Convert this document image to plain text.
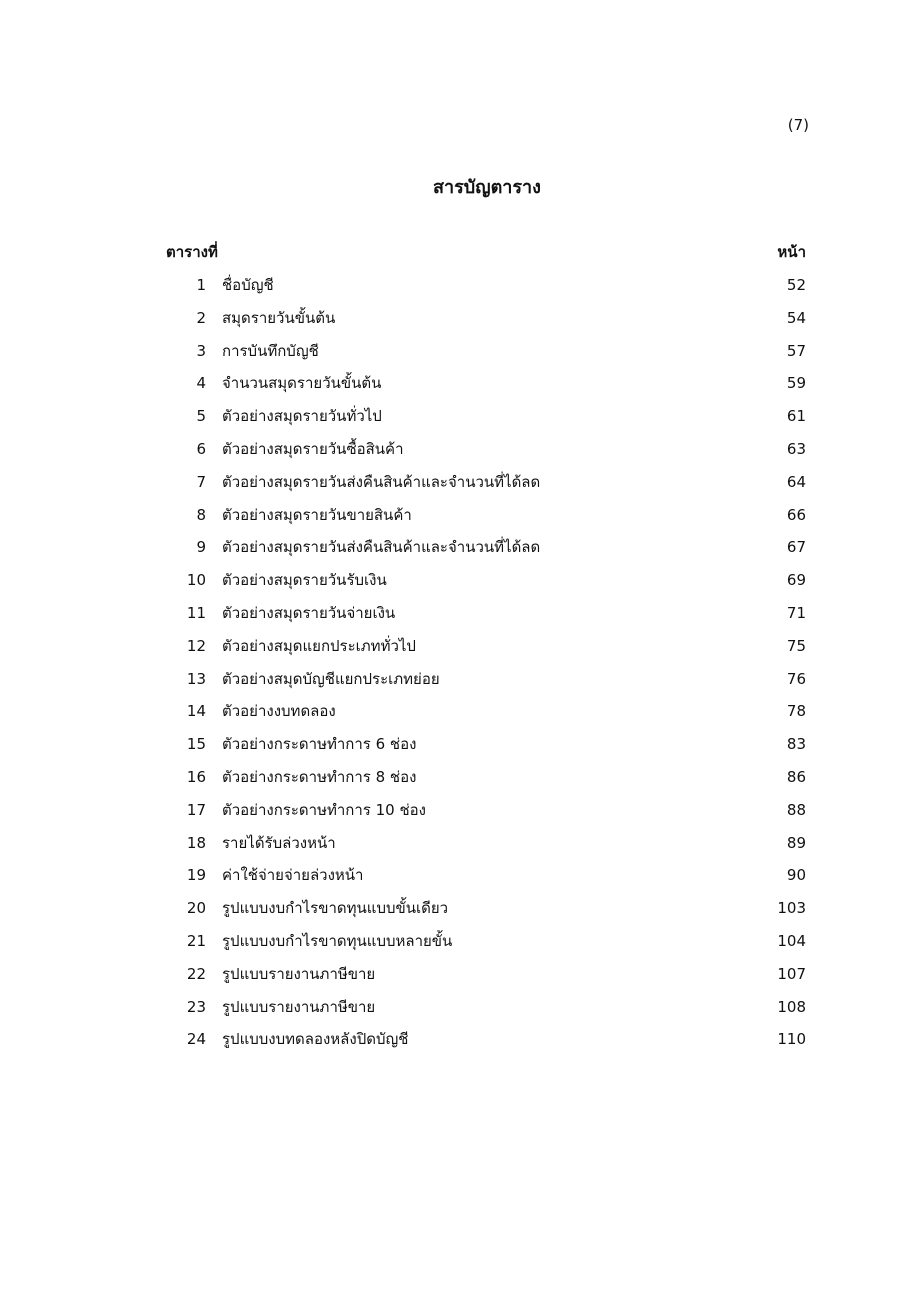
(7)
สารบัญตาราง
ตารางที่	หน้า
1 ชื่อบัญชี	52
2 สมุดรายวันขั้นต้น	54
3 การบันทึกบัญชี	57
4 จำนวนสมุดรายวันขั้นต้น	59
5 ตัวอย่างสมุดรายวันทั่วไป	61
6 ตัวอย่างสมุดรายวันซื้อสินค้า	63
7 ตัวอย่างสมุดรายวันส่งคืนสินค้าและจำนวนที่ได้ลด	64
8 ตัวอย่างสมุดรายวันขายสินค้า	66
9 ตัวอย่างสมุดรายวันส่งคืนสินค้าและจำนวนที่ได้ลด	67
10 ตัวอย่างสมุดรายวันรับเงิน	69
11 ตัวอย่างสมุดรายวันจ่ายเงิน	71
12 ตัวอย่างสมุดแยกประเภททั่วไป	75
13 ตัวอย่างสมุดบัญชีแยกประเภทย่อย	76
14 ตัวอย่างงบทดลอง	78
15 ตัวอย่างกระดาษทำการ 6 ช่อง	83
16 ตัวอย่างกระดาษทำการ 8 ช่อง	86
17 ตัวอย่างกระดาษทำการ 10 ช่อง	88
18 รายได้รับล่วงหน้า	89
19 ค่าใช้จ่ายจ่ายล่วงหน้า	90
20 รูปแบบงบกำไรขาดทุนแบบขั้นเดียว	103
21 รูปแบบงบกำไรขาดทุนแบบหลายขั้น	104
22 รูปแบบรายงานภาษีขาย	107
23 รูปแบบรายงานภาษีขาย	108
24 รูปแบบงบทดลองหลังปิดบัญชี	110
